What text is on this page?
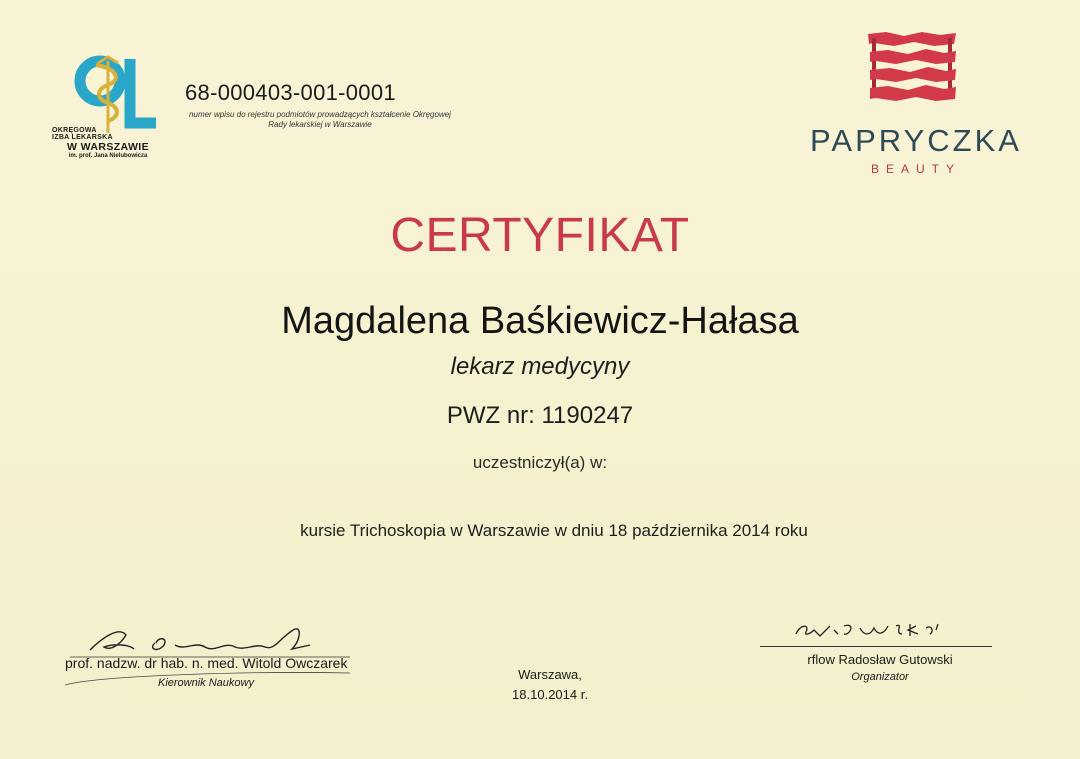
OKRĘGOWA
IZBA LEKARSKA
W WARSZAWIE
im. prof. Jana Nielubowicza
68-000403-001-0001
numer wpisu do rejestru podmiotów prowadzących kształcenie Okręgowej Rady lekarskiej w Warszawie	PAPRYCZKA
BEAUTY
CERTYFIKAT
Magdalena Baśkiewicz-Hałasa
lekarz medycyny
PWZ nr: 1190247
uczestniczył(a) w:
kursie Trichoskopia w Warszawie w dniu 18 października 2014 roku
prof. nadzw. dr hab. n. med. Witold Owczarek
Kierownik Naukowy
Warszawa,
18.10.2014 r.
rflow Radosław Gutowski
Organizator
